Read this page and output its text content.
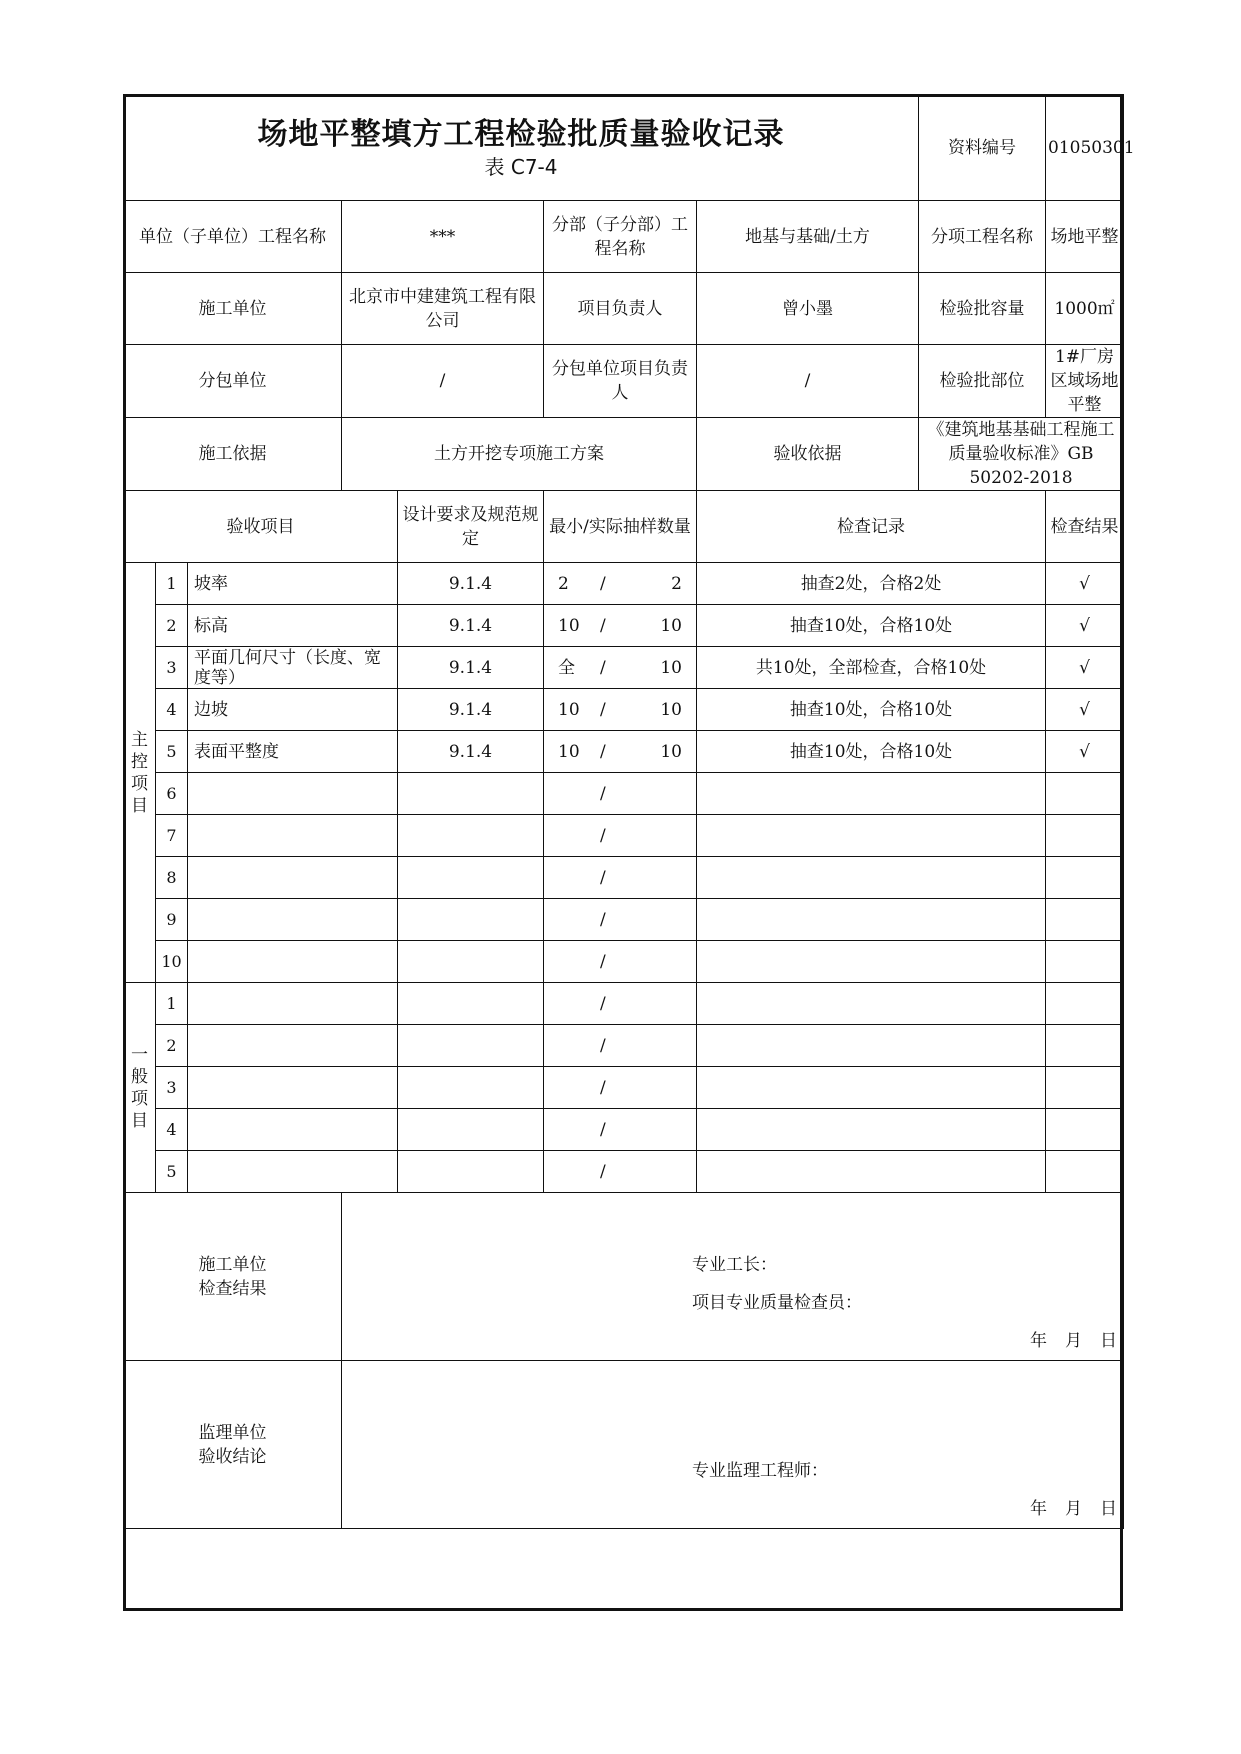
场地平整填方工程检验批质量验收记录
表 C7-4							资料编号	01050301
单位（子单位）工程名称			***		分部（子分部）工程名称	地基与基础/土方	分项工程名称	场地平整
施工单位			北京市中建建筑工程有限公司		项目负责人	曾小墨	检验批容量	1000㎡
分包单位			/		分包单位项目负责人	/	检验批部位	1#厂房区域场地平整
施工依据			土方开挖专项施工方案			验收依据	《建筑地基基础工程施工质量验收标准》GB 50202-2018	
验收项目				设计要求及规范规定	最小/实际抽样数量	检查记录		检查结果

主控项目	1	坡率		9.1.4	2 / 2	抽查2处，合格2处		√
	2	标高		9.1.4	10 / 10	抽查10处，合格10处		√
	3	平面几何尺寸（长度、宽度等）		9.1.4	全 / 10	共10处，全部检查，合格10处		√
	4	边坡		9.1.4	10 / 10	抽查10处，合格10处		√
	5	表面平整度		9.1.4	10 / 10	抽查10处，合格10处		√
	6				/			

	7				/			

	8				/			

	9				/			

	10				/			

一般项目	1				/			

	2				/			

	3				/			

	4				/			

	5				/			

施工单位检查结果			专业工长：
项目专业质量检查员：
年月日					

监理单位验收结论			专业监理工程师：
年月日					
